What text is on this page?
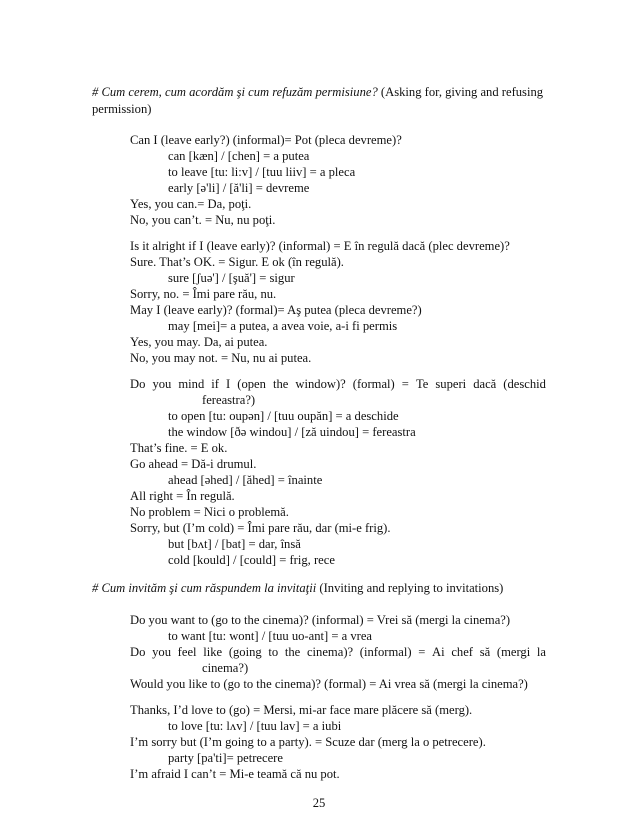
# Cum cerem, cum acordăm şi cum refuzăm permisiune? (Asking for, giving and refusing
permission)
Can I (leave early?) (informal)= Pot (pleca devreme)?
can [kæn] / [chen] = a putea
to leave [tu: li:v] / [tuu liiv] = a pleca
early [ə'li] / [ă'li] = devreme
Yes, you can.= Da, poţi.
No, you can’t. = Nu, nu poţi.
Is it alright if I (leave early)? (informal) = E în regulă dacă (plec devreme)?
Sure. That’s OK. = Sigur. E ok (în regulă).
sure [ʃuə'] / [şuă'] = sigur
Sorry, no. = Îmi pare rău, nu.
May I (leave early)? (formal)= Aş putea (pleca devreme?)
may [mei]= a putea, a avea voie, a-i fi permis
Yes, you may. Da, ai putea.
No, you may not. = Nu, nu ai putea.
Do you mind if I (open the window)? (formal) = Te superi dacă (deschid
fereastra?)
to open [tu: oupən] / [tuu oupăn] = a deschide
the window [ðə windou] / [ză uindou] = fereastra
That’s fine. = E ok.
Go ahead = Dă-i drumul.
ahead [əhed] / [ăhed] = înainte
All right = În regulă.
No problem = Nici o problemă.
Sorry, but (I’m cold) = Îmi pare rău, dar (mi-e frig).
but [bʌt] / [bat] = dar, însă
cold [kould] / [could] = frig, rece
# Cum invităm şi cum răspundem la invitaţii (Inviting and replying to invitations)
Do you want to (go to the cinema)? (informal) = Vrei să (mergi la cinema?)
to want [tu: wont] / [tuu uo-ant] = a vrea
Do you feel like (going to the cinema)? (informal) = Ai chef să (mergi la
cinema?)
Would you like to (go to the cinema)? (formal) = Ai vrea să (mergi la cinema?)
Thanks, I’d love to (go) = Mersi, mi-ar face mare plăcere să (merg).
to love [tu: lʌv] / [tuu lav] = a iubi
I’m sorry but (I’m going to a party). = Scuze dar (merg la o petrecere).
party [pa'ti]= petrecere
I’m afraid I can’t = Mi-e teamă că nu pot.
25
